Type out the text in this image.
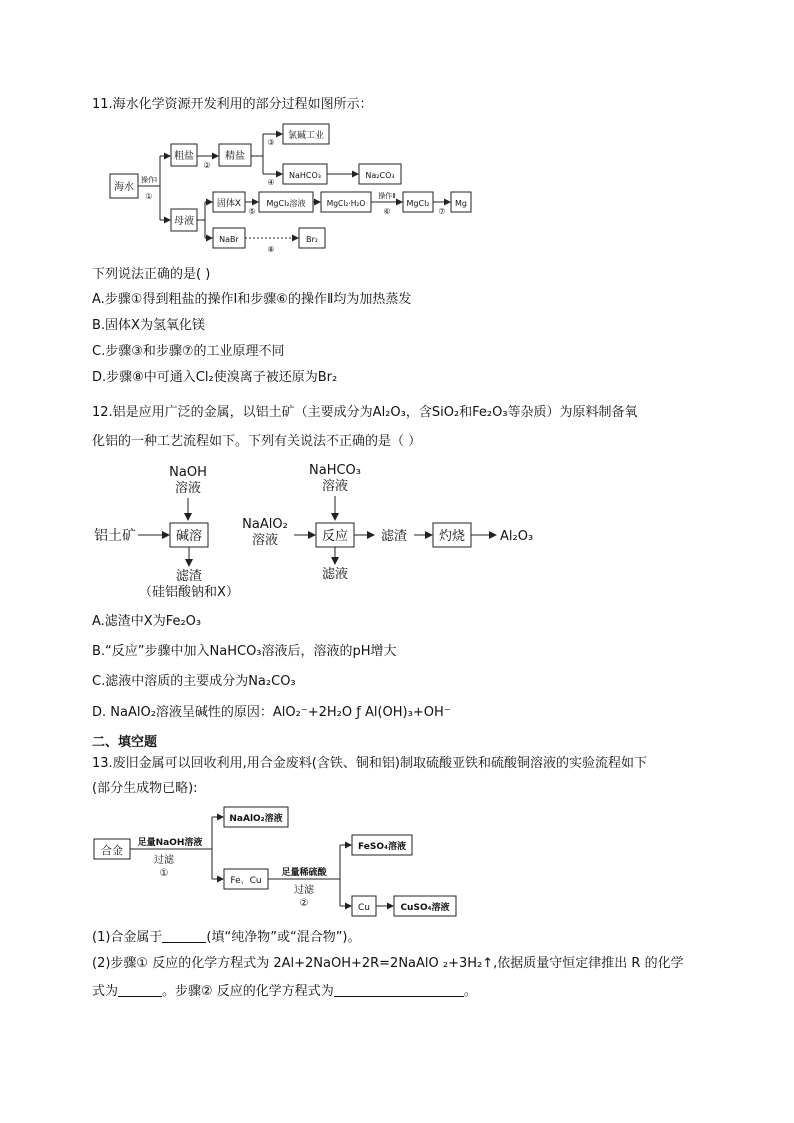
11.海水化学资源开发利用的部分过程如图所示：
海水
操作Ⅰ
①
粗盐
②
精盐
③
④
氯碱工业
NaHCO₃	Na₂CO₃
母液
固体X
⑤
MgCl₂溶液	MgCl₂·H₂O
操作Ⅱ
⑥
MgCl₂
⑦
Mg
NaBr
⑧
Br₂
下列说法正确的是( )
A.步骤①得到粗盐的操作Ⅰ和步骤⑥的操作Ⅱ均为加热蒸发
B.固体X为氢氧化镁
C.步骤③和步骤⑦的工业原理不同
D.步骤⑧中可通入Cl₂使溴离子被还原为Br₂
12.铝是应用广泛的金属，以铝土矿（主要成分为Al₂O₃，含SiO₂和Fe₂O₃等杂质）为原料制备氧
化铝的一种工艺流程如下。下列有关说法不正确的是（ ）
NaOH
溶液
NaHCO₃
溶液
铝土矿	碱溶
NaAlO₂
溶液	反应	滤渣 灼烧	Al₂O₃
滤渣
（硅铝酸钠和X）
滤液
A.滤渣中X为Fe₂O₃
B.“反应”步骤中加入NaHCO₃溶液后，溶液的pH增大
C.滤液中溶质的主要成分为Na₂CO₃
D. NaAlO₂溶液呈碱性的原因：AlO₂⁻+2H₂O ƒ Al(OH)₃+OH⁻
二、填空题
13.废旧金属可以回收利用,用合金废料(含铁、铜和铝)制取硫酸亚铁和硫酸铜溶液的实验流程如下
(部分生成物已略):
合金
足量NaOH溶液
过滤
①
NaAlO₂溶液
Fe、Cu
足量稀硫酸
过滤
②
FeSO₄溶液
Cu	CuSO₄溶液
(1)合金属于	(填“纯净物”或“混合物”)。
(2)步骤① 反应的化学方程式为 2Al+2NaOH+2R=2NaAlO ₂+3H₂↑,依据质量守恒定律推出 R 的化学
式为	。步骤② 反应的化学方程式为	。
